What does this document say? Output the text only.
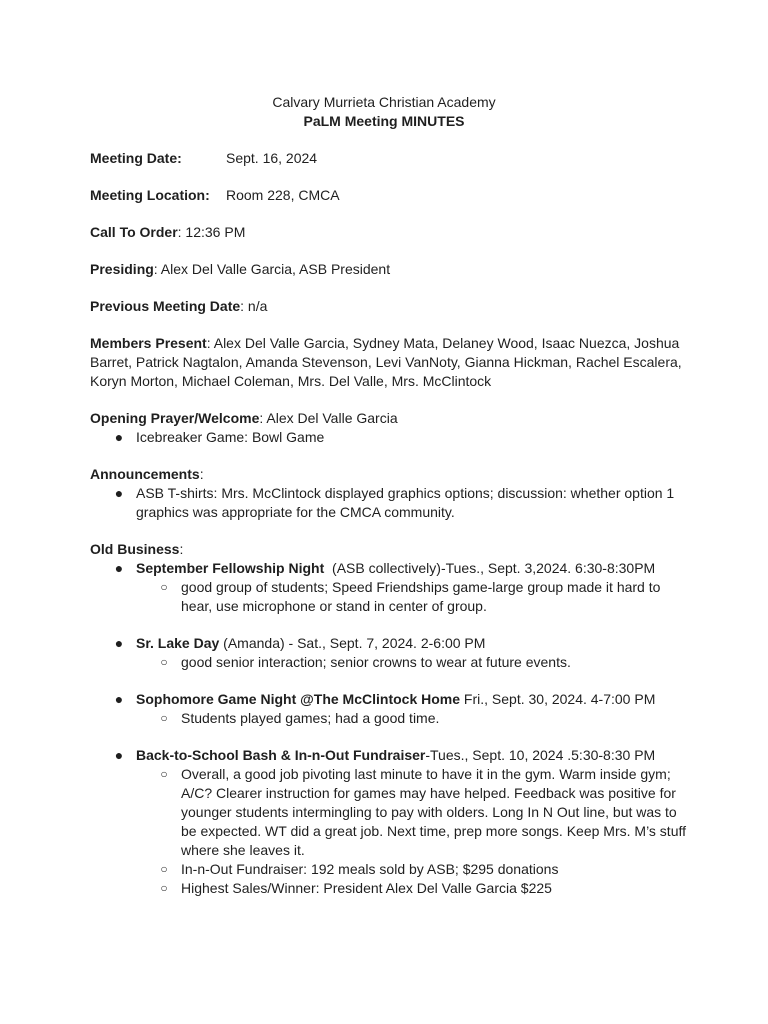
Calvary Murrieta Christian Academy

PaLM Meeting MINUTES

Meeting Date:	Sept. 16, 2024
Meeting Location:	Room 228, CMCA

Call To Order: 12:36 PM

Presiding: Alex Del Valle Garcia, ASB President

Previous Meeting Date: n/a

Members Present: Alex Del Valle Garcia, Sydney Mata, Delaney Wood, Isaac Nuezca, Joshua Barret, Patrick Nagtalon, Amanda Stevenson, Levi VanNoty, Gianna Hickman, Rachel Escalera, Koryn Morton, Michael Coleman, Mrs. Del Valle, Mrs. McClintock

Opening Prayer/Welcome: Alex Del Valle Garcia

● Icebreaker Game: Bowl Game

Announcements:

● ASB T-shirts: Mrs. McClintock displayed graphics options; discussion: whether option 1 graphics was appropriate for the CMCA community.

Old Business:

● September Fellowship Night  (ASB collectively)-Tues., Sept. 3,2024. 6:30-8:30PM
○ good group of students; Speed Friendships game-large group made it hard to hear, use microphone or stand in center of group.
● Sr. Lake Day (Amanda) - Sat., Sept. 7, 2024. 2-6:00 PM
○ good senior interaction; senior crowns to wear at future events.
● Sophomore Game Night @The McClintock Home Fri., Sept. 30, 2024. 4-7:00 PM
○ Students played games; had a good time.
● Back-to-School Bash & In-n-Out Fundraiser-Tues., Sept. 10, 2024 .5:30-8:30 PM
○ Overall, a good job pivoting last minute to have it in the gym. Warm inside gym; A/C? Clearer instruction for games may have helped. Feedback was positive for younger students intermingling to pay with olders. Long In N Out line, but was to be expected. WT did a great job. Next time, prep more songs. Keep Mrs. M’s stuff where she leaves it.
○ In-n-Out Fundraiser: 192 meals sold by ASB; $295 donations
○ Highest Sales/Winner: President Alex Del Valle Garcia $225
